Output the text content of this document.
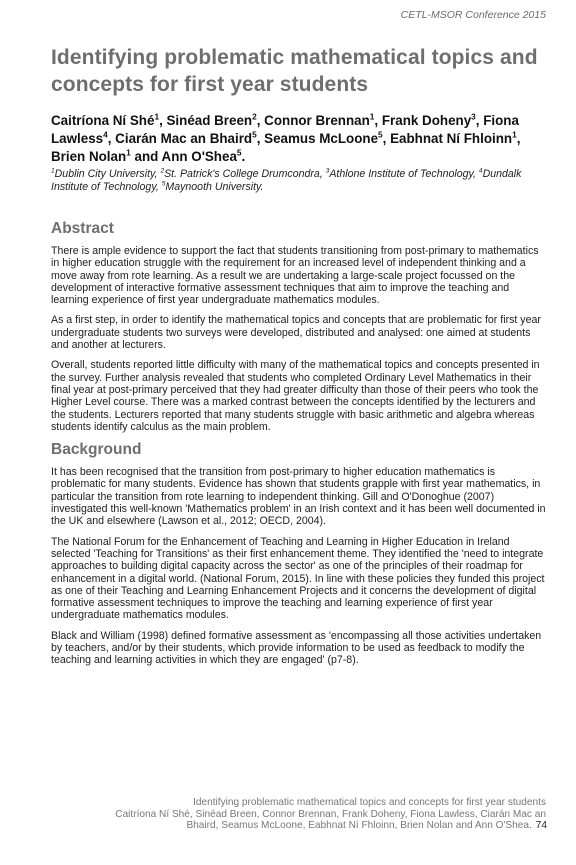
CETL-MSOR Conference 2015
Identifying problematic mathematical topics and concepts for first year students
Caitríona Ní Shé$^1$, Sinéad Breen$^2$, Connor Brennan$^1$, Frank Doheny$^3$, Fiona Lawless$^4$, Ciarán Mac an Bhaird$^5$, Seamus McLoone$^5$, Eabhnat Ní Fhloinn$^1$, Brien Nolan$^1$ and Ann O'Shea$^5$.
$^1$Dublin City University, $^2$St. Patrick's College Drumcondra, $^3$Athlone Institute of Technology, $^4$Dundalk Institute of Technology, $^5$Maynooth University.
Abstract

There is ample evidence to support the fact that students transitioning from post-primary to mathematics in higher education struggle with the requirement for an increased level of independent thinking and a move away from rote learning. As a result we are undertaking a large-scale project focussed on the development of interactive formative assessment techniques that aim to improve the teaching and learning experience of first year undergraduate mathematics modules.

As a first step, in order to identify the mathematical topics and concepts that are problematic for first year undergraduate students two surveys were developed, distributed and analysed: one aimed at students and another at lecturers.

Overall, students reported little difficulty with many of the mathematical topics and concepts presented in the survey. Further analysis revealed that students who completed Ordinary Level Mathematics in their final year at post-primary perceived that they had greater difficulty than those of their peers who took the Higher Level course. There was a marked contrast between the concepts identified by the lecturers and the students. Lecturers reported that many students struggle with basic arithmetic and algebra whereas students identify calculus as the main problem.

Background

It has been recognised that the transition from post-primary to higher education mathematics is problematic for many students. Evidence has shown that students grapple with first year mathematics, in particular the transition from rote learning to independent thinking. Gill and O'Donoghue (2007) investigated this well-known 'Mathematics problem' in an Irish context and it has been well documented in the UK and elsewhere (Lawson et al., 2012; OECD, 2004).

The National Forum for the Enhancement of Teaching and Learning in Higher Education in Ireland selected 'Teaching for Transitions' as their first enhancement theme. They identified the 'need to integrate approaches to building digital capacity across the sector' as one of the principles of their roadmap for enhancement in a digital world. (National Forum, 2015). In line with these policies they funded this project as one of their Teaching and Learning Enhancement Projects and it concerns the development of digital formative assessment techniques to improve the teaching and learning experience of first year undergraduate mathematics modules.

Black and William (1998) defined formative assessment as 'encompassing all those activities undertaken by teachers, and/or by their students, which provide information to be used as feedback to modify the teaching and learning activities in which they are engaged' (p7-8).

Identifying problematic mathematical topics and concepts for first year students
Caitríona Ní Shé, Sinéad Breen, Connor Brennan, Frank Doheny, Fiona Lawless, Ciarán Mac an
Bhaird, Seamus McLoone, Eabhnat Ní Fhloinn, Brien Nolan and Ann O'Shea. 74
